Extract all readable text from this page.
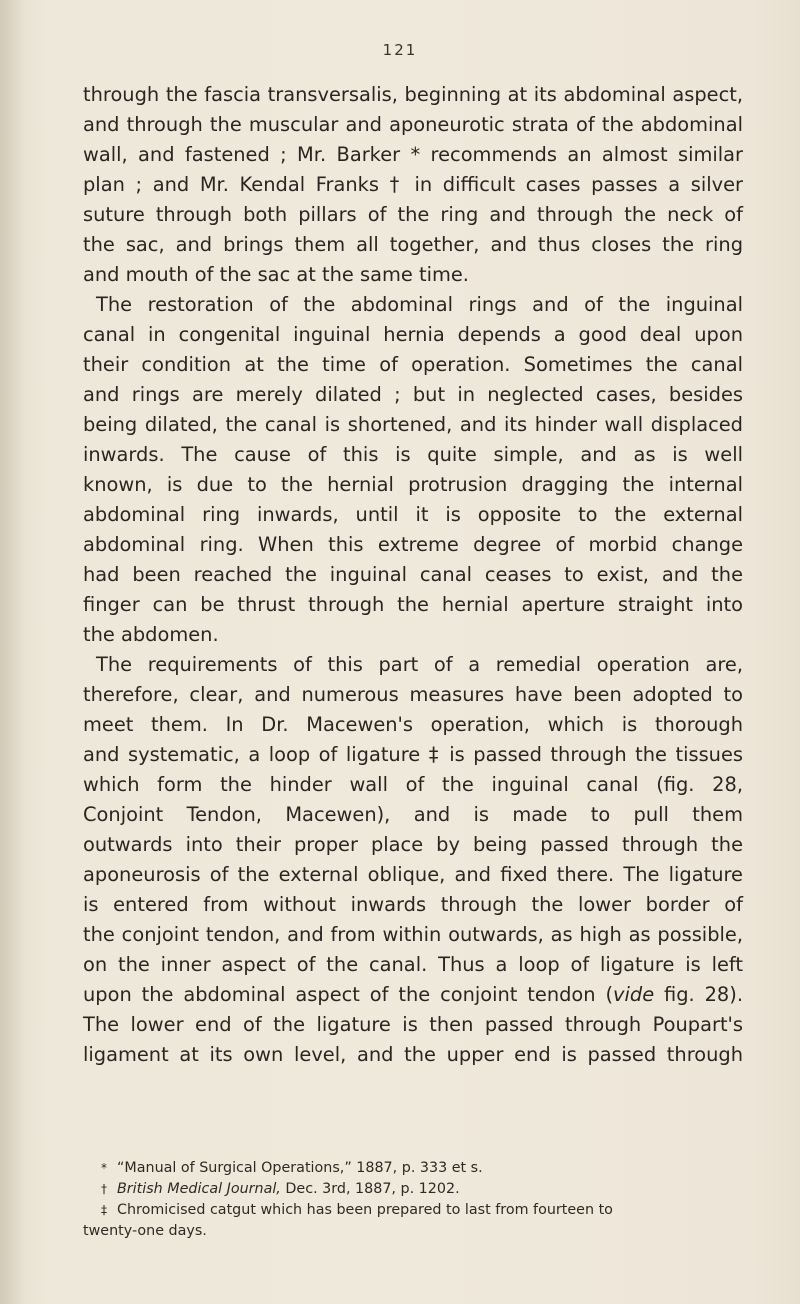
121
through the fascia transversalis, beginning at its abdominal aspect,
and through the muscular and aponeurotic strata of the abdominal
wall, and fastened ; Mr. Barker * recommends an almost similar
plan ; and Mr. Kendal Franks † in difficult cases passes a silver
suture through both pillars of the ring and through the neck of
the sac, and brings them all together, and thus closes the ring
and mouth of the sac at the same time.
The restoration of the abdominal rings and of the inguinal
canal in congenital inguinal hernia depends a good deal upon
their condition at the time of operation. Sometimes the canal
and rings are merely dilated ; but in neglected cases, besides
being dilated, the canal is shortened, and its hinder wall displaced
inwards. The cause of this is quite simple, and as is well
known, is due to the hernial protrusion dragging the internal
abdominal ring inwards, until it is opposite to the external
abdominal ring. When this extreme degree of morbid change
had been reached the inguinal canal ceases to exist, and the
finger can be thrust through the hernial aperture straight into
the abdomen.
The requirements of this part of a remedial operation are,
therefore, clear, and numerous measures have been adopted to
meet them. In Dr. Macewen's operation, which is thorough
and systematic, a loop of ligature ‡ is passed through the tissues
which form the hinder wall of the inguinal canal (fig. 28,
Conjoint Tendon, Macewen), and is made to pull them
outwards into their proper place by being passed through the
aponeurosis of the external oblique, and fixed there. The ligature
is entered from without inwards through the lower border of
the conjoint tendon, and from within outwards, as high as possible,
on the inner aspect of the canal. Thus a loop of ligature is left
upon the abdominal aspect of the conjoint tendon (vide fig. 28).
The lower end of the ligature is then passed through Poupart's
ligament at its own level, and the upper end is passed through
* “Manual of Surgical Operations,” 1887, p. 333 et s.
† British Medical Journal, Dec. 3rd, 1887, p. 1202.
‡ Chromicised catgut which has been prepared to last from fourteen to
twenty-one days.
